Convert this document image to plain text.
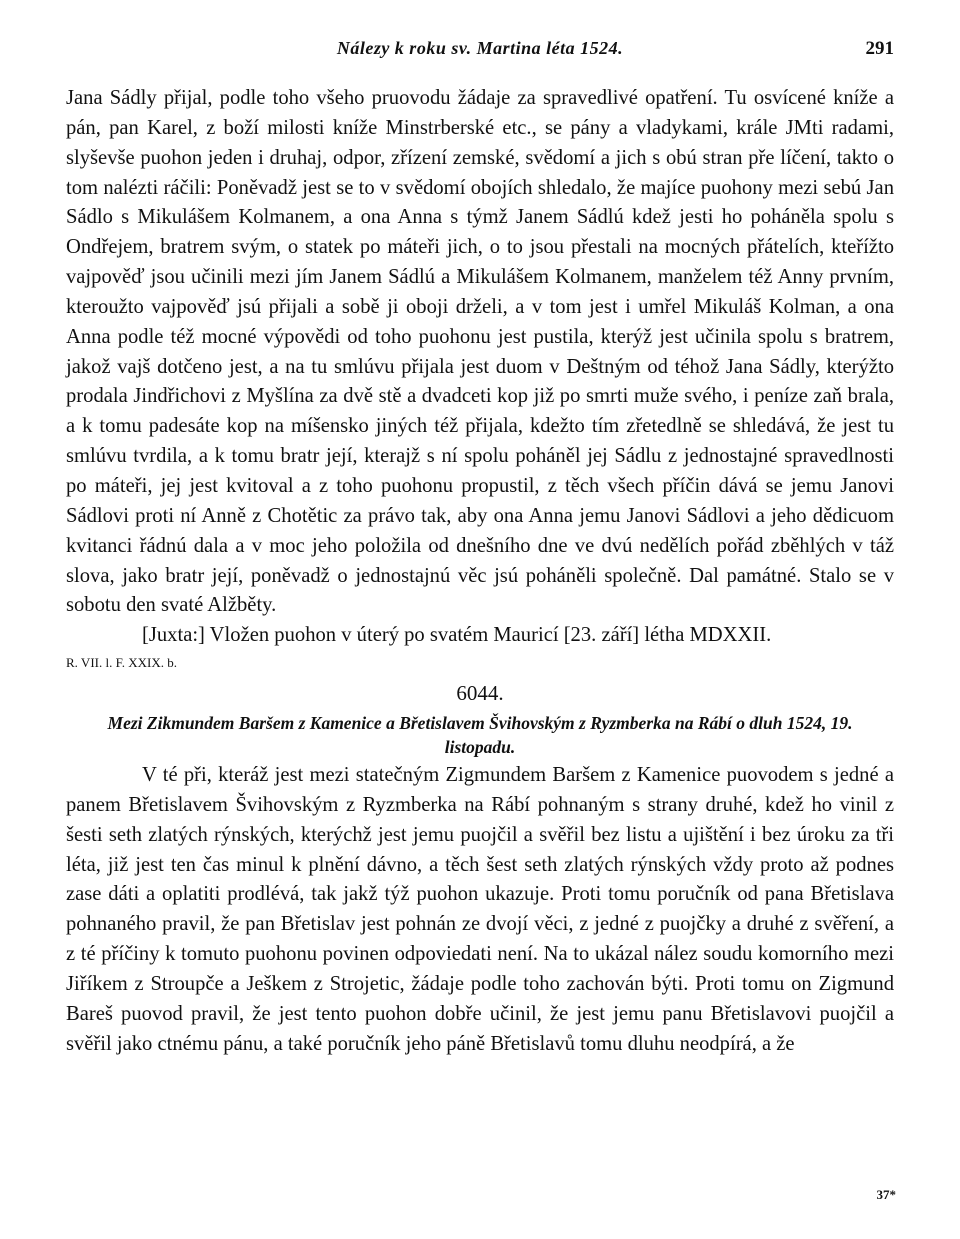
Nálezy k roku sv. Martina léta 1524.	291

Jana Sádly přijal, podle toho všeho pruovodu žádaje za spravedlivé opatření. Tu osvícené kníže a pán, pan Karel, z boží milosti kníže Minstrberské etc., se pány a vladykami, krále JMti radami, slyševše puohon jeden i druhaj, odpor, zřízení zemské, svědomí a jich s obú stran pře líčení, takto o tom nalézti ráčili: Poněvadž jest se to v svědomí obojích shledalo, že majíce puohony mezi sebú Jan Sádlo s Mikulášem Kolmanem, a ona Anna s týmž Janem Sádlú kdež jesti ho poháněla spolu s Ondřejem, bratrem svým, o statek po máteři jich, o to jsou přestali na mocných přátelích, kteřížto vajpověď jsou učinili mezi jím Janem Sádlú a Mikulášem Kolmanem, manželem též Anny prvním, kteroužto vajpověď jsú přijali a sobě ji oboji drželi, a v tom jest i umřel Mikuláš Kolman, a ona Anna podle též mocné výpovědi od toho puohonu jest pustila, kterýž jest učinila spolu s bratrem, jakož vajš dotčeno jest, a na tu smlúvu přijala jest duom v Deštným od téhož Jana Sádly, kterýžto prodala Jindřichovi z Myšlína za dvě stě a dvadceti kop již po smrti muže svého, i peníze zaň brala, a k tomu padesáte kop na míšensko jiných též přijala, kdežto tím zřetedlně se shledává, že jest tu smlúvu tvrdila, a k tomu bratr její, kterajž s ní spolu poháněl jej Sádlu z jednostajné spravedlnosti po máteři, jej jest kvitoval a z toho puohonu propustil, z těch všech příčin dává se jemu Janovi Sádlovi proti ní Anně z Chotětic za právo tak, aby ona Anna jemu Janovi Sádlovi a jeho dědicuom kvitanci řádnú dala a v moc jeho položila od dnešního dne ve dvú nedělích pořád zběhlých v táž slova, jako bratr její, poněvadž o jednostajnú věc jsú poháněli společně. Dal památné. Stalo se v sobotu den svaté Alžběty.

[Juxta:] Vložen puohon v úterý po svatém Mauricí [23. září] létha MDXXII.

R. VII. l. F. XXIX. b.

6044.

Mezi Zikmundem Baršem z Kamenice a Břetislavem Švihovským z Ryzmberka na Rábí o dluh 1524, 19. listopadu.

V té při, kteráž jest mezi statečným Zigmundem Baršem z Kamenice puovodem s jedné a panem Břetislavem Švihovským z Ryzmberka na Rábí pohnaným s strany druhé, kdež ho vinil z šesti seth zlatých rýnských, kterýchž jest jemu puojčil a svěřil bez listu a ujištění i bez úroku za tři léta, již jest ten čas minul k plnění dávno, a těch šest seth zlatých rýnských vždy proto až podnes zase dáti a oplatiti prodlévá, tak jakž týž puohon ukazuje. Proti tomu poručník od pana Břetislava pohnaného pravil, že pan Břetislav jest pohnán ze dvojí věci, z jedné z puojčky a druhé z svěření, a z té příčiny k tomuto puohonu povinen odpoviedati není. Na to ukázal nález soudu komorního mezi Jiříkem z Stroupče a Ješkem z Strojetic, žádaje podle toho zachován býti. Proti tomu on Zigmund Bareš puovod pravil, že jest tento puohon dobře učinil, že jest jemu panu Břetislavovi puojčil a svěřil jako ctnému pánu, a také poručník jeho páně Břetislavů tomu dluhu neodpírá, a že

37*
